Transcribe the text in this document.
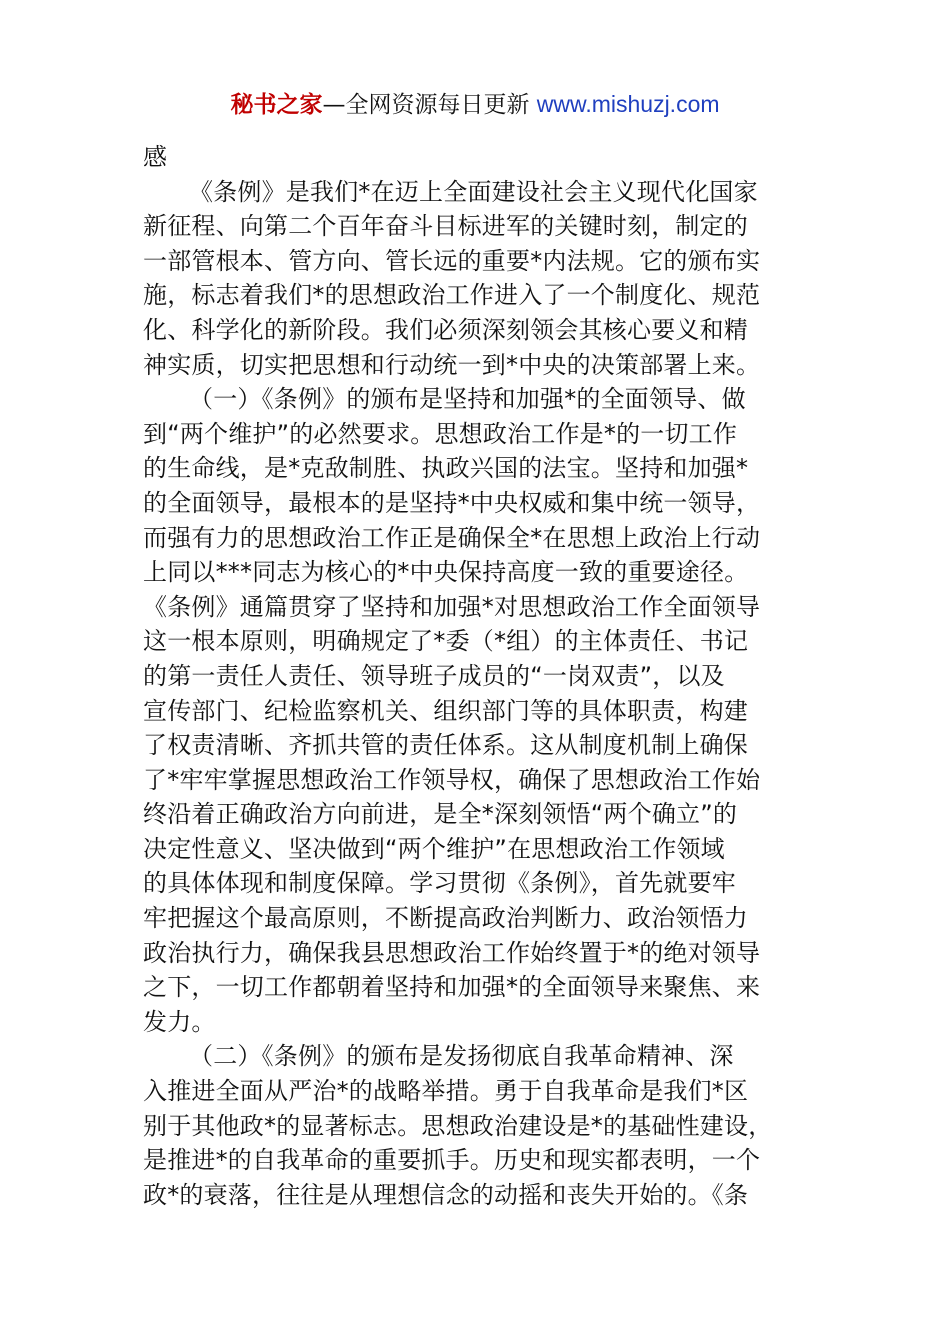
秘书之家—全网资源每日更新 www.mishuzj.com
感
《条例》是我们*在迈上全面建设社会主义现代化国家
新征程、向第二个百年奋斗目标进军的关键时刻，制定的
一部管根本、管方向、管长远的重要*内法规。它的颁布实
施，标志着我们*的思想政治工作进入了一个制度化、规范
化、科学化的新阶段。我们必须深刻领会其核心要义和精
神实质，切实把思想和行动统一到*中央的决策部署上来。
（一）《条例》的颁布是坚持和加强*的全面领导、做
到“两个维护”的必然要求。思想政治工作是*的一切工作
的生命线，是*克敌制胜、执政兴国的法宝。坚持和加强*
的全面领导，最根本的是坚持*中央权威和集中统一领导，
而强有力的思想政治工作正是确保全*在思想上政治上行动
上同以***同志为核心的*中央保持高度一致的重要途径。
《条例》通篇贯穿了坚持和加强*对思想政治工作全面领导
这一根本原则，明确规定了*委（*组）的主体责任、书记
的第一责任人责任、领导班子成员的“一岗双责”，以及
宣传部门、纪检监察机关、组织部门等的具体职责，构建
了权责清晰、齐抓共管的责任体系。这从制度机制上确保
了*牢牢掌握思想政治工作领导权，确保了思想政治工作始
终沿着正确政治方向前进，是全*深刻领悟“两个确立”的
决定性意义、坚决做到“两个维护”在思想政治工作领域
的具体体现和制度保障。学习贯彻《条例》，首先就要牢
牢把握这个最高原则，不断提高政治判断力、政治领悟力
政治执行力，确保我县思想政治工作始终置于*的绝对领导
之下，一切工作都朝着坚持和加强*的全面领导来聚焦、来
发力。
（二）《条例》的颁布是发扬彻底自我革命精神、深
入推进全面从严治*的战略举措。勇于自我革命是我们*区
别于其他政*的显著标志。思想政治建设是*的基础性建设，
是推进*的自我革命的重要抓手。历史和现实都表明，一个
政*的衰落，往往是从理想信念的动摇和丧失开始的。《条
